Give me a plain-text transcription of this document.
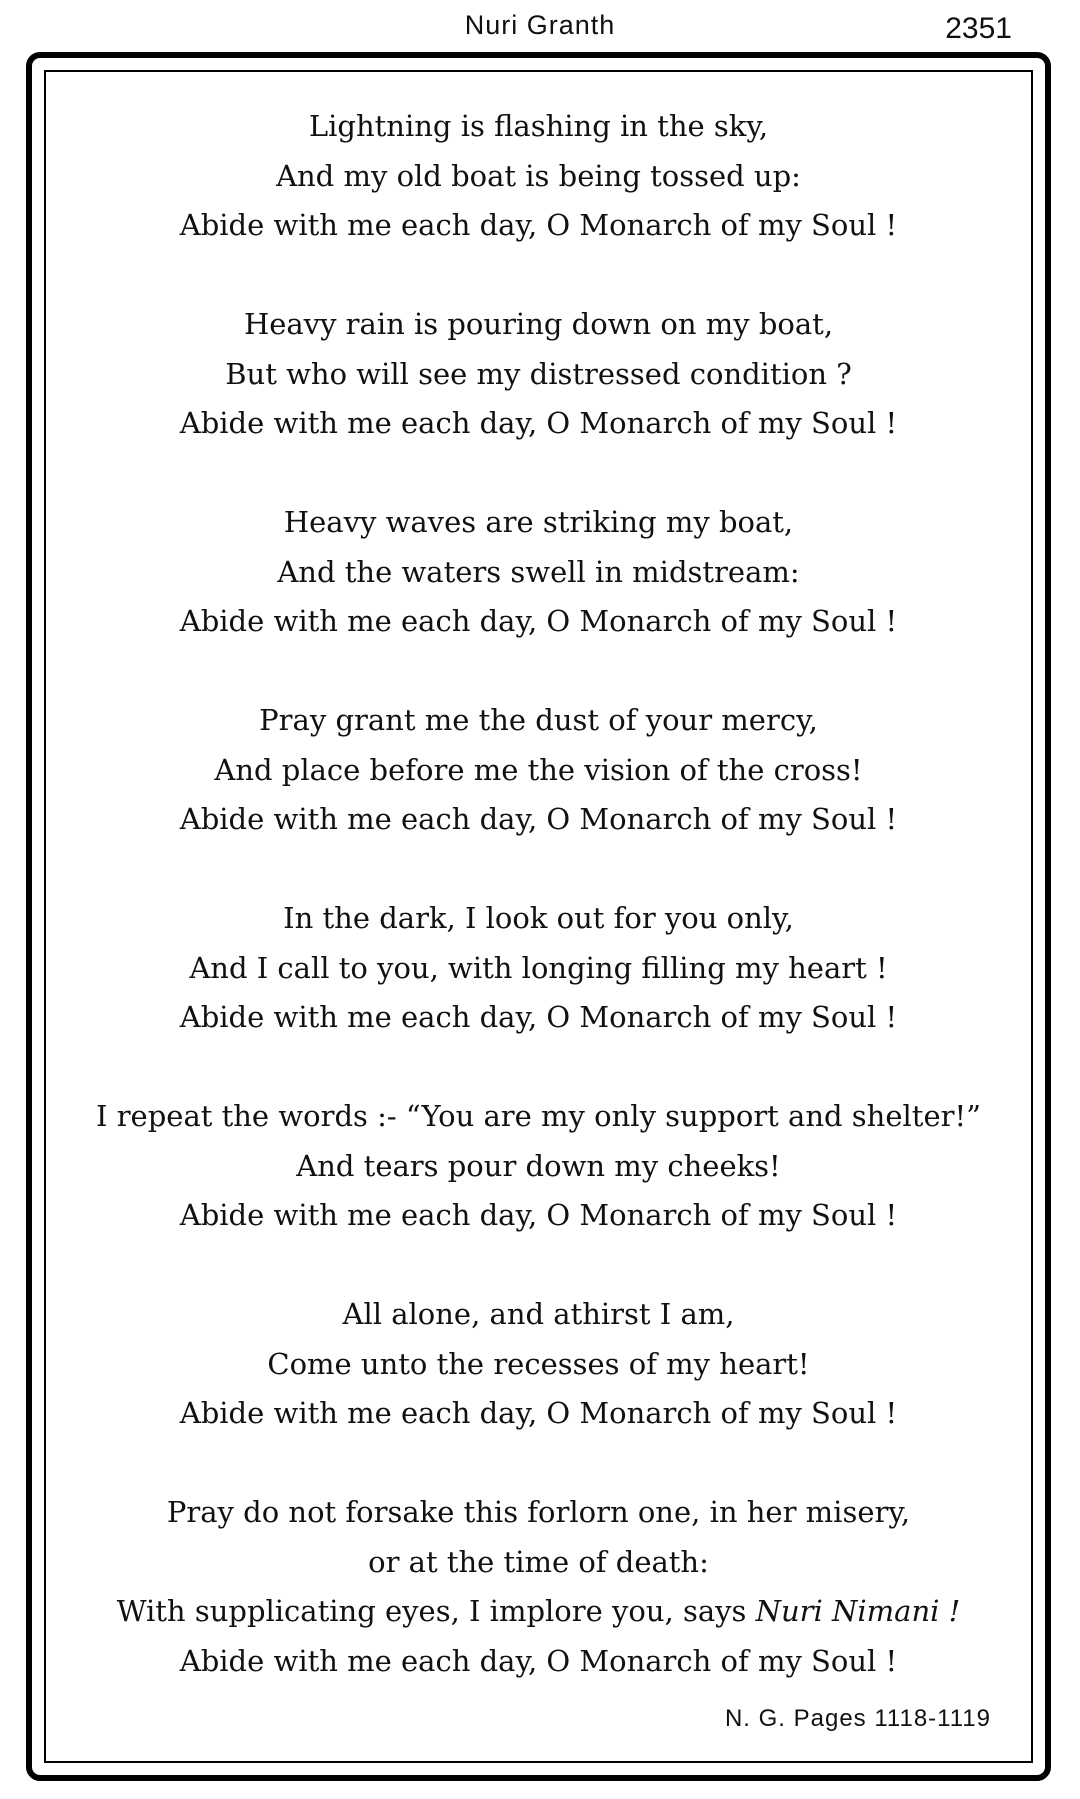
Nuri Granth	2351
Lightning is flashing in the sky,
And my old boat is being tossed up:
Abide with me each day, O Monarch of my Soul !
Heavy rain is pouring down on my boat,
But who will see my distressed condition ?
Abide with me each day, O Monarch of my Soul !
Heavy waves are striking my boat,
And the waters swell in midstream:
Abide with me each day, O Monarch of my Soul !
Pray grant me the dust of your mercy,
And place before me the vision of the cross!
Abide with me each day, O Monarch of my Soul !
In the dark, I look out for you only,
And I call to you, with longing filling my heart !
Abide with me each day, O Monarch of my Soul !
I repeat the words :- “You are my only support and shelter!”
And tears pour down my cheeks!
Abide with me each day, O Monarch of my Soul !
All alone, and athirst I am,
Come unto the recesses of my heart!
Abide with me each day, O Monarch of my Soul !
Pray do not forsake this forlorn one, in her misery,
or at the time of death:
With supplicating eyes, I implore you, says Nuri Nimani !
Abide with me each day, O Monarch of my Soul !
N. G. Pages 1118-1119
